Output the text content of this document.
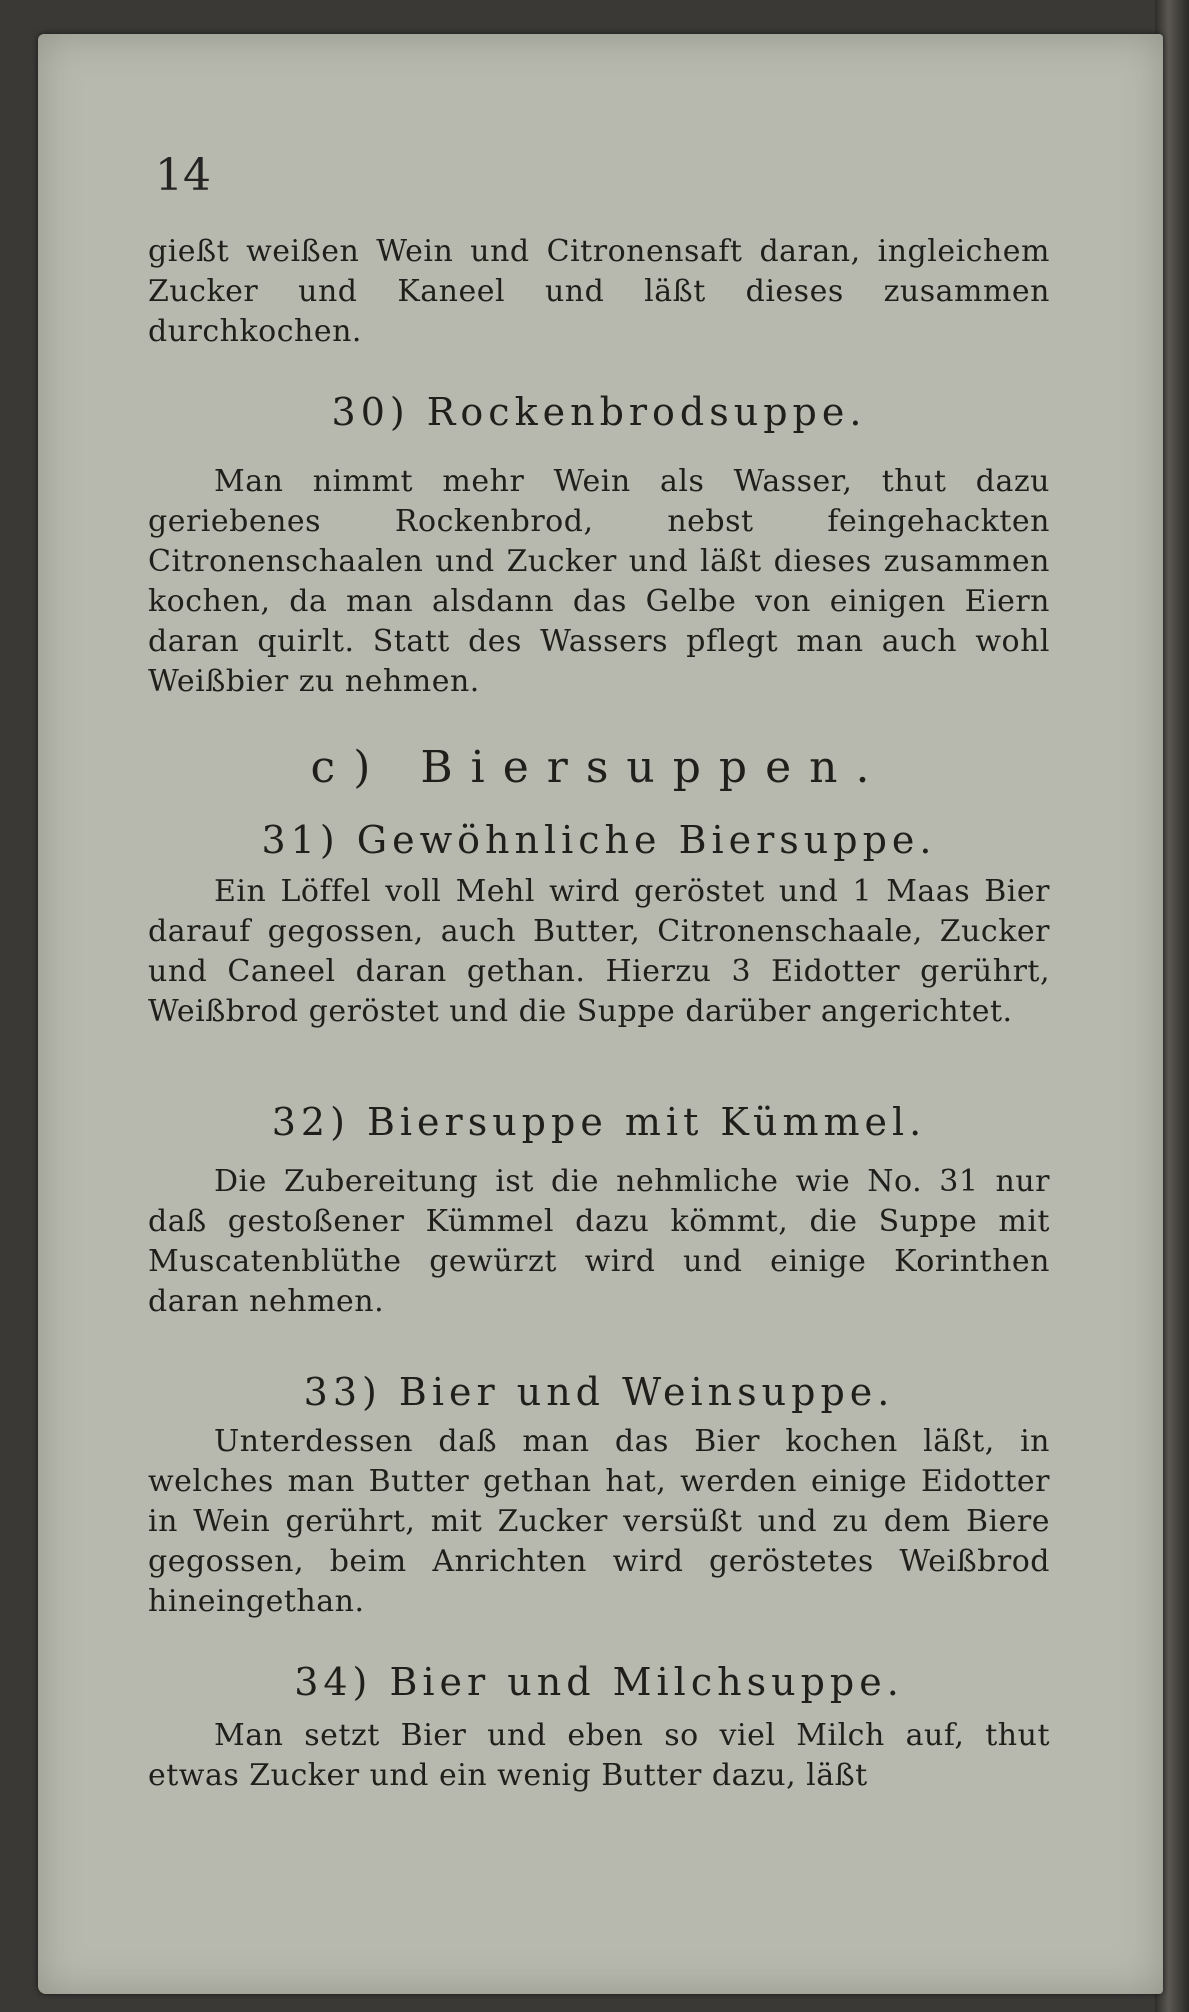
14
gießt weißen Wein und Citronensaft daran, ingleichem Zucker und Kaneel und läßt dieses zusammen durchkochen.
30) Rockenbrodsuppe.
Man nimmt mehr Wein als Wasser, thut dazu geriebenes Rockenbrod, nebst feingehackten Citronenschaalen und Zucker und läßt dieses zusammen kochen, da man alsdann das Gelbe von einigen Eiern daran quirlt. Statt des Wassers pflegt man auch wohl Weißbier zu nehmen.
c) Biersuppen.
31) Gewöhnliche Biersuppe.
Ein Löffel voll Mehl wird geröstet und 1 Maas Bier darauf gegossen, auch Butter, Citronenschaale, Zucker und Caneel daran gethan. Hierzu 3 Eidotter gerührt, Weißbrod geröstet und die Suppe darüber angerichtet.
32) Biersuppe mit Kümmel.
Die Zubereitung ist die nehmliche wie No. 31 nur daß gestoßener Kümmel dazu kömmt, die Suppe mit Muscatenblüthe gewürzt wird und einige Korinthen daran nehmen.
33) Bier und Weinsuppe.
Unterdessen daß man das Bier kochen läßt, in welches man Butter gethan hat, werden einige Eidotter in Wein gerührt, mit Zucker versüßt und zu dem Biere gegossen, beim Anrichten wird geröstetes Weißbrod hineingethan.
34) Bier und Milchsuppe.
Man setzt Bier und eben so viel Milch auf, thut etwas Zucker und ein wenig Butter dazu, läßt
